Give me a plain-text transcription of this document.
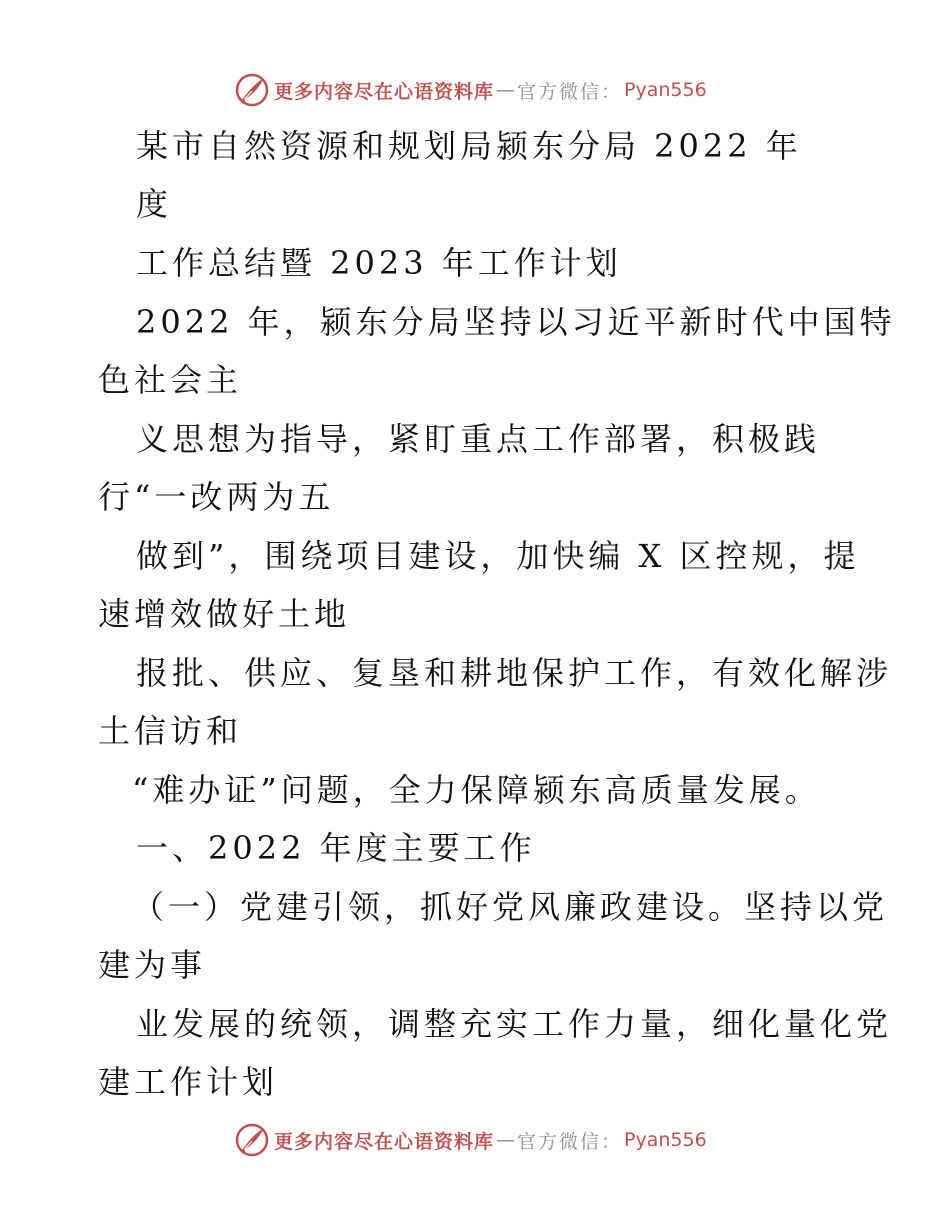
更多内容尽在心语资料库 — 官方微信： Pyan556

某市自然资源和规划局颍东分局 2022 年

度

工作总结暨 2023 年工作计划

2022 年，颍东分局坚持以习近平新时代中国特

色社会主

义思想为指导，紧盯重点工作部署，积极践

行“一改两为五

做到”，围绕项目建设，加快编 X 区控规，提

速增效做好土地

报批、供应、复垦和耕地保护工作，有效化解涉

土信访和

“难办证”问题，全力保障颍东高质量发展。

一、2022 年度主要工作

（一）党建引领，抓好党风廉政建设。坚持以党

建为事

业发展的统领，调整充实工作力量，细化量化党

建工作计划

更多内容尽在心语资料库 — 官方微信： Pyan556
